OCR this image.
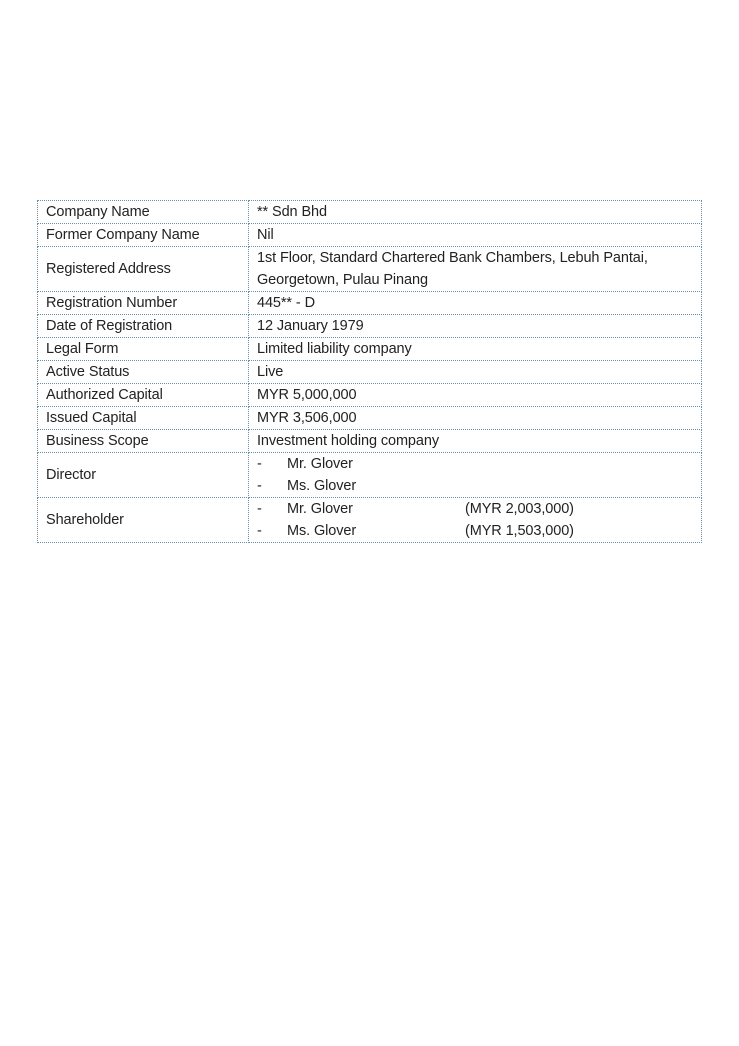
Company Name	** Sdn Bhd
Former Company Name	Nil
Registered Address	1st Floor, Standard Chartered Bank Chambers, Lebuh Pantai,
Georgetown, Pulau Pinang

Registration Number	445** - D
Date of Registration	12 January 1979
Legal Form	Limited liability company
Active Status	Live
Authorized Capital	MYR 5,000,000
Issued Capital	MYR 3,506,000
Business Scope	Investment holding company
Director	- Mr. Glover
- Ms. Glover

Shareholder	- Mr. Glover (MYR 2,003,000)
- Ms. Glover (MYR 1,503,000)
